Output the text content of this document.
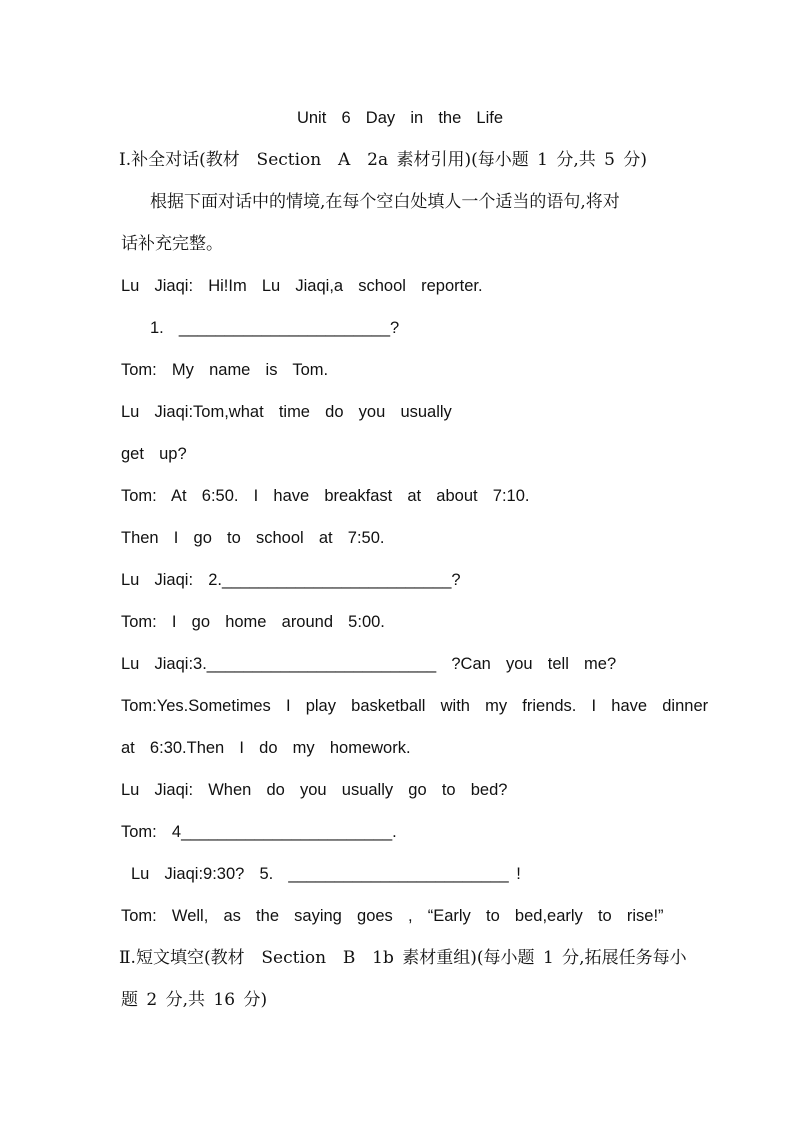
Unit  6  Day  in  the  Life
Ⅰ.补全对话(教材  Section  A  2a 素材引用)(每小题 1 分,共 5 分)
根据下面对话中的情境,在每个空白处填人一个适当的语句,将对
话补充完整。
Lu  Jiaqi:  Hi!Im  Lu  Jiaqi,a  school  reporter.
1.  _______________________?
Tom:  My  name  is  Tom.
Lu  Jiaqi:Tom,what  time  do  you  usually
get  up?
Tom:  At  6:50.  I  have  breakfast  at  about  7:10.
Then  I  go  to  school  at  7:50.
Lu  Jiaqi:  2._________________________?
Tom:  I  go  home  around  5:00.
Lu  Jiaqi:3._________________________  ?Can  you  tell  me?
Tom:Yes.Sometimes  I  play  basketball  with  my  friends.  I  have  dinner
at  6:30.Then  I  do  my  homework.
Lu  Jiaqi:  When  do  you  usually  go  to  bed?
Tom:  4_______________________.
Lu  Jiaqi:9:30?  5.  ________________________ !
Tom:  Well,  as  the  saying  goes  ,  “Early  to  bed,early  to  rise!”
Ⅱ.短文填空(教材  Section  B  1b 素材重组)(每小题 1 分,拓展任务每小
题 2 分,共 16 分)
